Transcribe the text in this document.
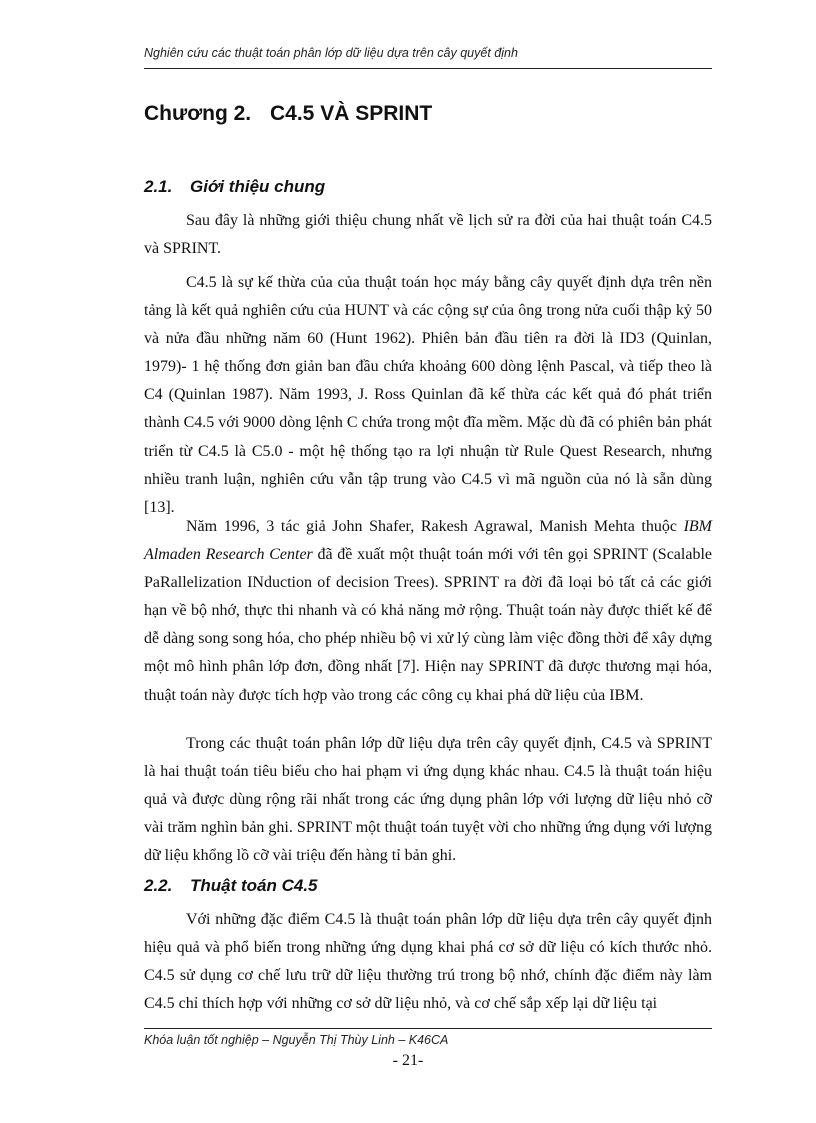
Nghiên cứu các thuật toán phân lớp dữ liệu dựa trên cây quyết định
Chương 2. C4.5 VÀ SPRINT
2.1. Giới thiệu chung

Sau đây là những giới thiệu chung nhất về lịch sử ra đời của hai thuật toán C4.5 và SPRINT.

C4.5 là sự kế thừa của của thuật toán học máy bằng cây quyết định dựa trên nền tảng là kết quả nghiên cứu của HUNT và các cộng sự của ông trong nửa cuối thập kỷ 50 và nửa đầu những năm 60 (Hunt 1962). Phiên bản đầu tiên ra đời là ID3 (Quinlan, 1979)- 1 hệ thống đơn giản ban đầu chứa khoảng 600 dòng lệnh Pascal, và tiếp theo là C4 (Quinlan 1987). Năm 1993, J. Ross Quinlan đã kế thừa các kết quả đó phát triển thành C4.5 với 9000 dòng lệnh C chứa trong một đĩa mềm. Mặc dù đã có phiên bản phát triển từ C4.5 là C5.0 - một hệ thống tạo ra lợi nhuận từ Rule Quest Research, nhưng nhiều tranh luận, nghiên cứu vẫn tập trung vào C4.5 vì mã nguồn của nó là sẵn dùng [13].

Năm 1996, 3 tác giả John Shafer, Rakesh Agrawal, Manish Mehta thuộc IBM Almaden Research Center đã đề xuất một thuật toán mới với tên gọi SPRINT (Scalable PaRallelization INduction of decision Trees). SPRINT ra đời đã loại bỏ tất cả các giới hạn về bộ nhớ, thực thi nhanh và có khả năng mở rộng. Thuật toán này được thiết kế để dễ dàng song song hóa, cho phép nhiều bộ vi xử lý cùng làm việc đồng thời để xây dựng một mô hình phân lớp đơn, đồng nhất [7]. Hiện nay SPRINT đã được thương mại hóa, thuật toán này được tích hợp vào trong các công cụ khai phá dữ liệu của IBM.

Trong các thuật toán phân lớp dữ liệu dựa trên cây quyết định, C4.5 và SPRINT là hai thuật toán tiêu biểu cho hai phạm vi ứng dụng khác nhau. C4.5 là thuật toán hiệu quả và được dùng rộng rãi nhất trong các ứng dụng phân lớp với lượng dữ liệu nhỏ cỡ vài trăm nghìn bản ghi. SPRINT một thuật toán tuyệt vời cho những ứng dụng với lượng dữ liệu khổng lồ cỡ vài triệu đến hàng tỉ bản ghi.

2.2. Thuật toán C4.5

Với những đặc điểm C4.5 là thuật toán phân lớp dữ liệu dựa trên cây quyết định hiệu quả và phổ biến trong những ứng dụng khai phá cơ sở dữ liệu có kích thước nhỏ. C4.5 sử dụng cơ chế lưu trữ dữ liệu thường trú trong bộ nhớ, chính đặc điểm này làm C4.5 chỉ thích hợp với những cơ sở dữ liệu nhỏ, và cơ chế sắp xếp lại dữ liệu tại

Khóa luận tốt nghiệp – Nguyễn Thị Thùy Linh – K46CA
- 21-
